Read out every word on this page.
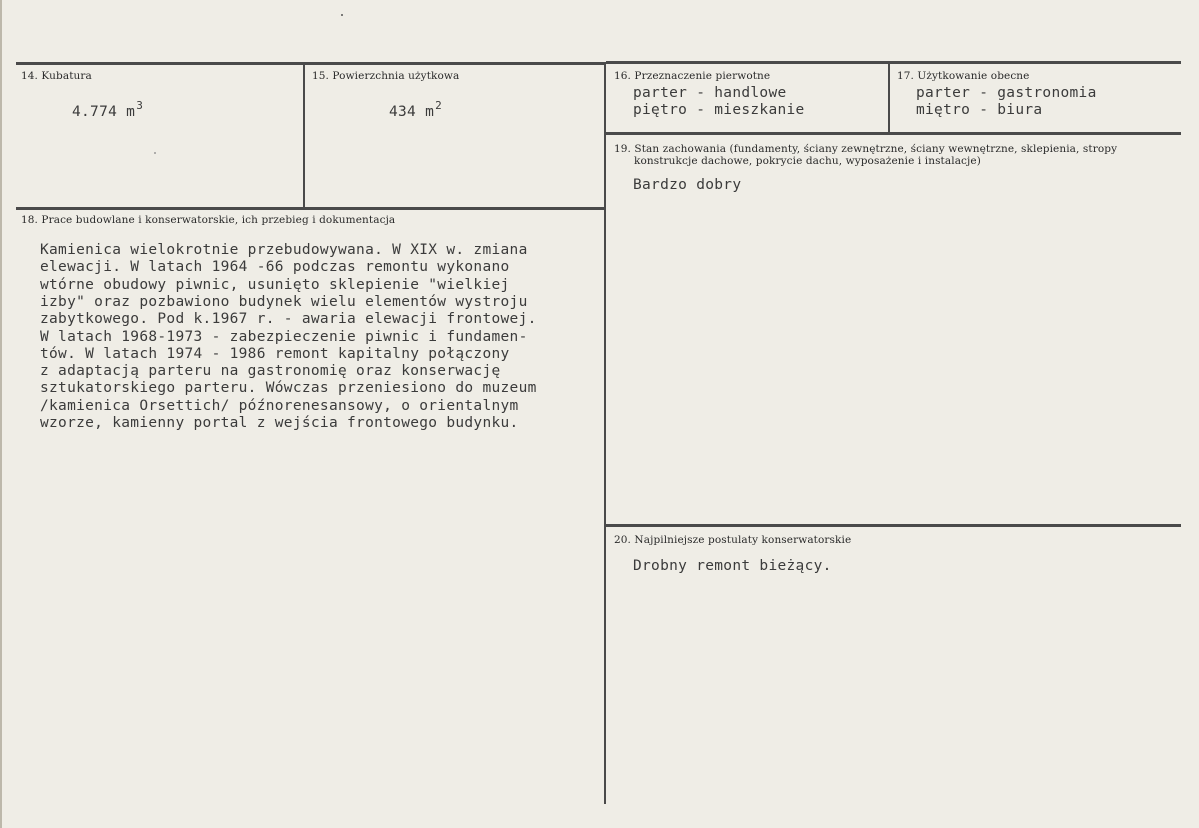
14. Kubatura
4.774 $m^3$
15. Powierzchnia użytkowa
434 $m^2$
16. Przeznaczenie pierwotne
parter - handlowe
piętro - mieszkanie
17. Użytkowanie obecne
parter - gastronomia
miętro - biura
19. Stan zachowania (fundamenty, ściany zewnętrzne, ściany wewnętrzne, sklepienia, stropy
konstrukcje dachowe, pokrycie dachu, wyposażenie i instalacje)
Bardzo dobry
18. Prace budowlane i konserwatorskie, ich przebieg i dokumentacja
Kamienica wielokrotnie przebudowywana. W XIX w. zmiana
elewacji. W latach 1964 -66 podczas remontu wykonano
wtórne obudowy piwnic, usunięto sklepienie "wielkiej
izby" oraz pozbawiono budynek wielu elementów wystroju
zabytkowego. Pod k.1967 r. - awaria elewacji frontowej.
W latach 1968-1973 - zabezpieczenie piwnic i fundamen-
tów. W latach 1974 - 1986 remont kapitalny połączony
z adaptacją parteru na gastronomię oraz konserwację
sztukatorskiego parteru. Wówczas przeniesiono do muzeum
/kamienica Orsettich/ późnorenesansowy, o orientalnym
wzorze, kamienny portal z wejścia frontowego budynku.
20. Najpilniejsze postulaty konserwatorskie
Drobny remont bieżący.
